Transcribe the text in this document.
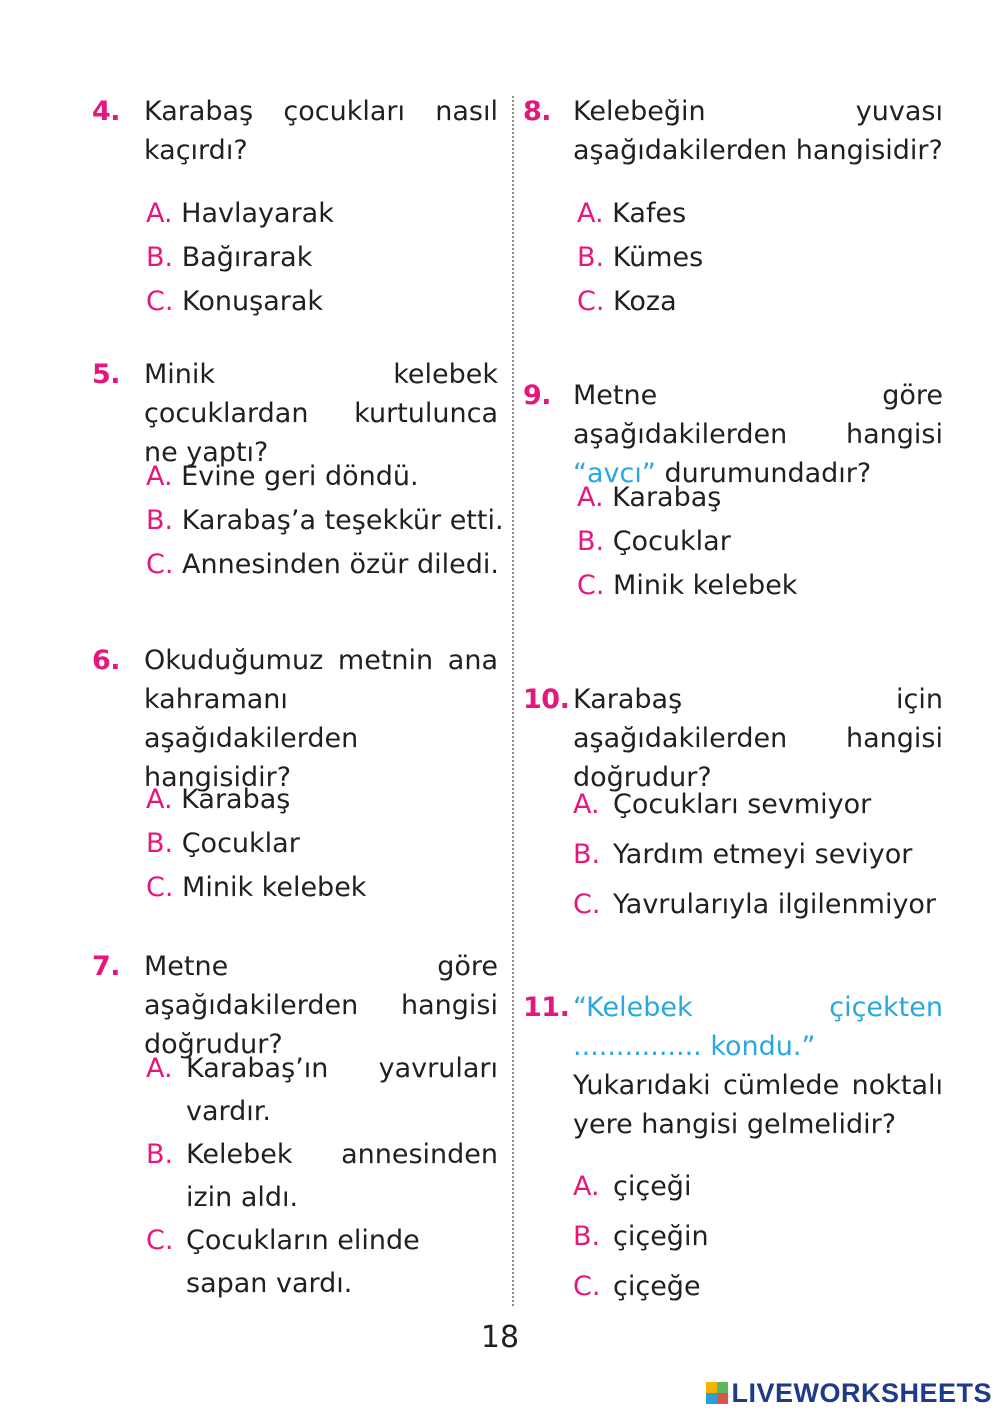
4. Karabaş çocukları nasıl kaçırdı?
A. Havlayarak
B. Bağırarak
C. Konuşarak
5. Minik kelebek çocuklardan kurtulunca ne yaptı?
A. Evine geri döndü.
B. Karabaş’a teşekkür etti.
C. Annesinden özür diledi.
6. Okuduğumuz metnin ana kahramanı aşağıdakilerden hangisidir?
A. Karabaş
B. Çocuklar
C. Minik kelebek
7. Metne göre aşağıdakilerden hangisi doğrudur?
A. Karabaş’ın yavruları vardır.
B. Kelebek annesinden izin aldı.
C. Çocukların elinde sapan vardı.
8. Kelebeğin yuvası aşağıdakilerden hangisidir?
A. Kafes
B. Kümes
C. Koza
9. Metne göre aşağıdakilerden hangisi “avcı” durumundadır?
A. Karabaş
B. Çocuklar
C. Minik kelebek
10. Karabaş için aşağıdakilerden hangisi doğrudur?
A. Çocukları sevmiyor
B. Yardım etmeyi seviyor
C. Yavrularıyla ilgilenmiyor
11. “Kelebek çiçekten ............... kondu.”
Yukarıdaki cümlede noktalı yere hangisi gelmelidir?
A. çiçeği
B. çiçeğin
C. çiçeğe
18
LIVEWORKSHEETS
